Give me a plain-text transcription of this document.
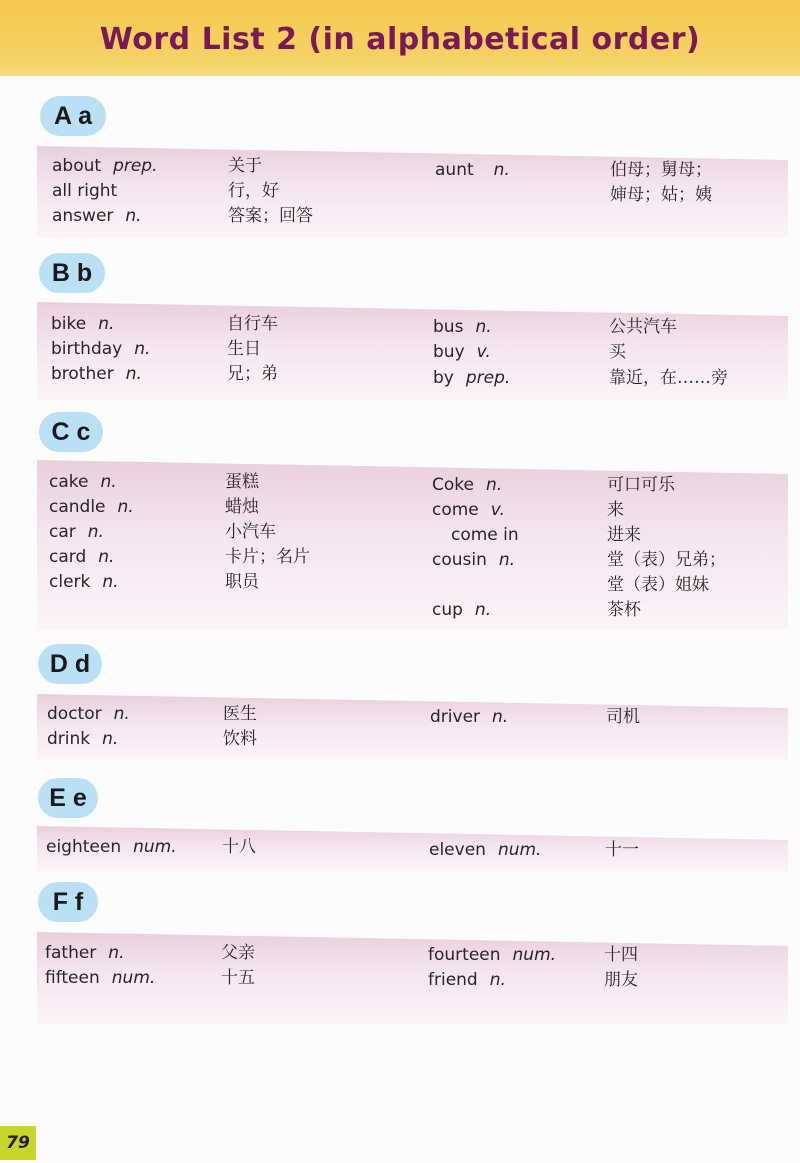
Word List 2 (in alphabetical order)
A a
about prep.	关于
all right	行，好
answer n.	答案；回答
aunt n.	伯母；舅母；
婶母；姑；姨
B b
bike n.	自行车
birthday n.	生日
brother n.	兄；弟
bus n.	公共汽车
buy v.	买
by prep.	靠近，在……旁
C c
cake n.	蛋糕
candle n.	蜡烛
car n.	小汽车
card n.	卡片；名片
clerk n.	职员
Coke n.	可口可乐
come v.	来
come in	进来
cousin n.	堂（表）兄弟；
堂（表）姐妹
cup n.	茶杯
D d
doctor n.	医生
drink n.	饮料
driver n.	司机
E e
eighteen num.	十八	eleven num.	十一
F f
father n.	父亲
fifteen num.	十五
fourteen num.	十四
friend n.	朋友
79
